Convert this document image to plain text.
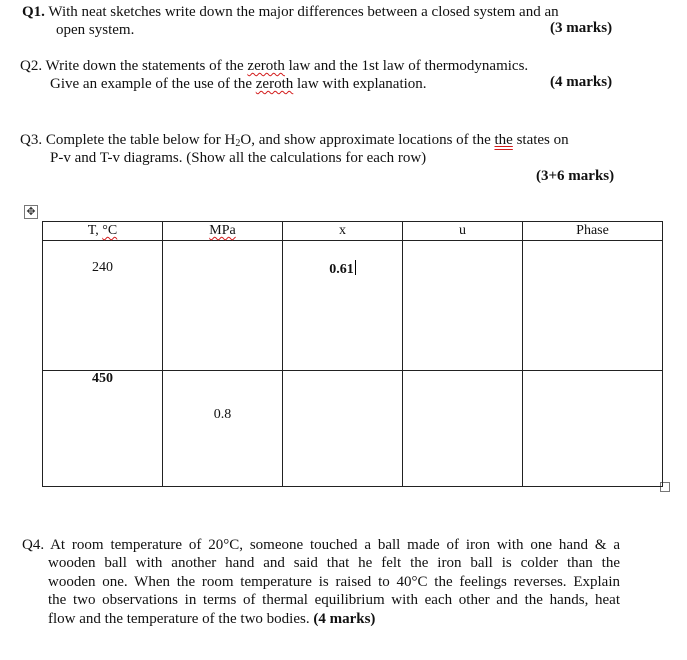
Q1. With neat sketches write down the major differences between a closed system and an
open system.	(3 marks)
Q2. Write down the statements of the zeroth law and the 1st law of thermodynamics.
Give an example of the use of the zeroth law with explanation.	(4 marks)
Q3. Complete the table below for $H_2O$, and show approximate locations of the the states on
P-v and T-v diagrams. (Show all the calculations for each row)
(3+6 marks)
✥
T, °C	MPa	x	u	Phase

240		0.61		

450	0.8			

Q4. At room temperature of 20°C, someone touched a ball made of iron with one hand & a
wooden ball with another hand and said that he felt the iron ball is colder than the
wooden one. When the room temperature is raised to 40°C the feelings reverses. Explain
the two observations in terms of thermal equilibrium with each other and the hands, heat
flow and the temperature of the two bodies. (4 marks)
